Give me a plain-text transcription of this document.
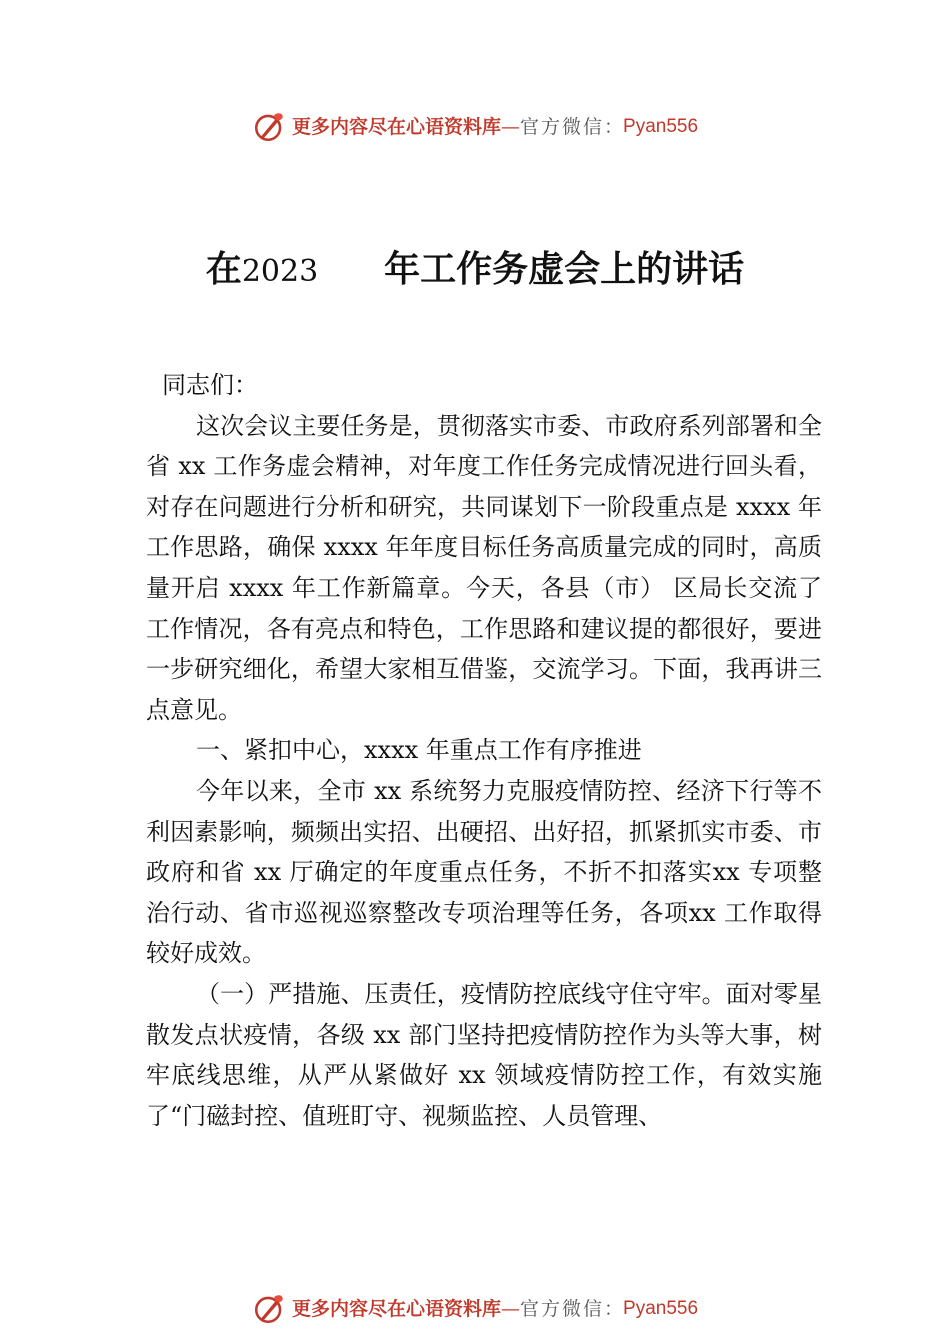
更多内容尽在心语资料库 — 官方微信 ： Pyan556
在2023 年工作务虚会上的讲话

同志们：

这次会议主要任务是，贯彻落实市委、市政府系列部署和全省 xx 工作务虚会精神，对年度工作任务完成情况进行回头看，对存在问题进行分析和研究，共同谋划下一阶段重点是 xxxx 年工作思路，确保 xxxx 年年度目标任务高质量完成的同时，高质量开启 xxxx 年工作新篇章。今天，各县（市） 区局长交流了工作情况，各有亮点和特色，工作思路和建议提的都很好，要进一步研究细化，希望大家相互借鉴，交流学习。下面，我再讲三点意见。

一、紧扣中心，xxxx 年重点工作有序推进

今年以来，全市 xx 系统努力克服疫情防控、经济下行等不利因素影响，频频出实招、出硬招、出好招，抓紧抓实市委、市政府和省 xx 厅确定的年度重点任务，不折不扣落实xx 专项整治行动、省市巡视巡察整改专项治理等任务，各项xx 工作取得较好成效。

（一）严措施、压责任，疫情防控底线守住守牢。面对零星散发点状疫情，各级 xx 部门坚持把疫情防控作为头等大事，树牢底线思维，从严从紧做好 xx 领域疫情防控工作，有效实施了“门磁封控、值班盯守、视频监控、人员管理、

更多内容尽在心语资料库 — 官方微信 ： Pyan556
